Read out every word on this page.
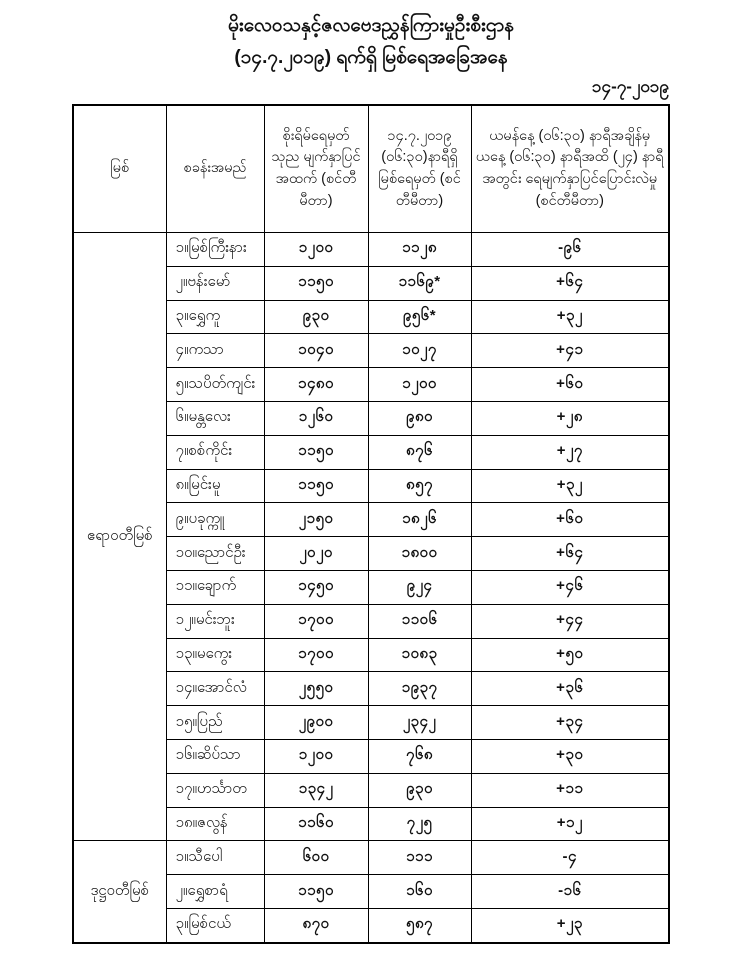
မိုးလေဝသနှင့်ဇလဗေဒညွှန်ကြားမှုဦးစီးဌာန
(၁၄.၇.၂၀၁၉) ရက်ရှိ မြစ်ရေအခြေအနေ
၁၄-၇-၂၀၁၉
မြစ်	စခန်းအမည်	စိုးရိမ်ရေမှတ် သုည မျက်နှာပြင် အထက် (စင်တီမီတာ)	၁၄.၇.၂၀၁၉ (၀၆:၃၀)နာရီရှိ မြစ်ရေမှတ် (စင်တီမီတာ)	ယမန်နေ့ (၀၆:၃၀) နာရီအချိန်မှ ယနေ့ (၀၆:၃၀) နာရီအထိ (၂၄) နာရီအတွင်း ရေမျက်နှာပြင်ပြောင်းလဲမှု (စင်တီမီတာ)
ဧရာဝတီမြစ်	၁။မြစ်ကြီးနား	၁၂၀၀	၁၁၂၈	-၉၆
	၂။ဗန်းမော်	၁၁၅၀	၁၁၆၉*	+၆၄
	၃။ရွှေကူ	၉၃၀	၉၅၆*	+၃၂
	၄။ကသာ	၁၀၄၀	၁၀၂၇	+၄၁
	၅။သပိတ်ကျင်း	၁၄၈၀	၁၂၀၀	+၆၀
	၆။မန္တလေး	၁၂၆၀	၉၈၀	+၂၈
	၇။စစ်ကိုင်း	၁၁၅၀	၈၇၆	+၂၇
	၈။မြင်းမူ	၁၁၅၀	၈၅၇	+၃၂
	၉။ပခုက္ကူ	၂၁၅၀	၁၈၂၆	+၆၀
	၁၀။ညောင်ဦး	၂၀၂၀	၁၈၀၀	+၆၄
	၁၁။ချောက်	၁၄၅၀	၉၂၄	+၄၆
	၁၂။မင်းဘူး	၁၇၀၀	၁၁၀၆	+၄၄
	၁၃။မကွေး	၁၇၀၀	၁၀၈၃	+၅၀
	၁၄။အောင်လံ	၂၅၅၀	၁၉၃၇	+၃၆
	၁၅။ပြည်	၂၉၀၀	၂၃၄၂	+၃၄
	၁၆။ဆိပ်သာ	၁၂၀၀	၇၆၈	+၃၀
	၁၇။ဟင်္သာတ	၁၃၄၂	၉၃၀	+၁၁
	၁၈။ဇလွန်	၁၁၆၀	၇၂၅	+၁၂
ဒုဋ္ဌဝတီမြစ်	၁။သီပေါ	၆၀၀	၁၁၁	-၄
	၂။ရွှေစာရံ	၁၁၅၀	၁၆၀	-၁၆
	၃။မြစ်ငယ်	၈၇၀	၅၈၇	+၂၃
